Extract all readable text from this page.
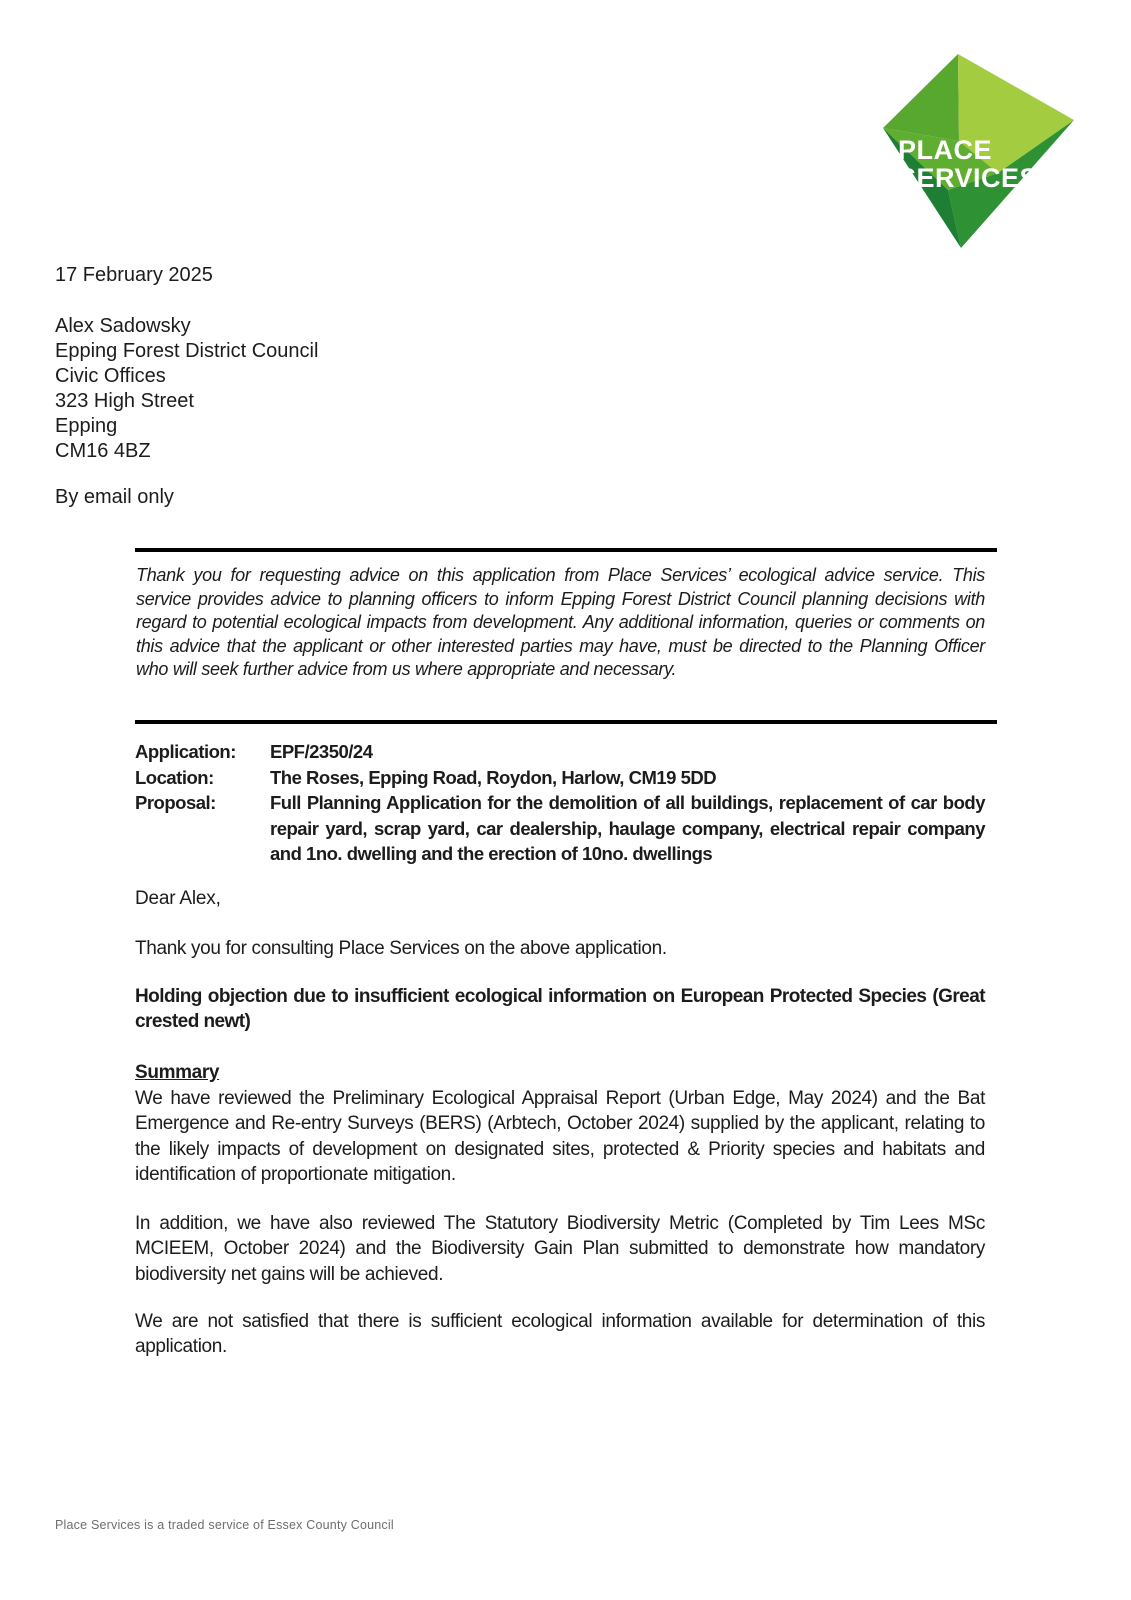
PLACE
SERVICES
17 February 2025
Alex Sadowsky
Epping Forest District Council
Civic Offices
323 High Street
Epping
CM16 4BZ
By email only
Thank you for requesting advice on this application from Place Services’ ecological advice service. This service provides advice to planning officers to inform Epping Forest District Council planning decisions with regard to potential ecological impacts from development. Any additional information, queries or comments on this advice that the applicant or other interested parties may have, must be directed to the Planning Officer who will seek further advice from us where appropriate and necessary.
Application:	EPF/2350/24
Location:	The Roses, Epping Road, Roydon, Harlow, CM19 5DD
Proposal:	Full Planning Application for the demolition of all buildings, replacement of car body repair yard, scrap yard, car dealership, haulage company, electrical repair company and 1no. dwelling and the erection of 10no. dwellings
Dear Alex,
Thank you for consulting Place Services on the above application.
Holding objection due to insufficient ecological information on European Protected Species (Great crested newt)
Summary
We have reviewed the Preliminary Ecological Appraisal Report (Urban Edge, May 2024) and the Bat Emergence and Re-entry Surveys (BERS) (Arbtech, October 2024) supplied by the applicant, relating to the likely impacts of development on designated sites, protected & Priority species and habitats and identification of proportionate mitigation.
In addition, we have also reviewed The Statutory Biodiversity Metric (Completed by Tim Lees MSc MCIEEM, October 2024) and the Biodiversity Gain Plan submitted to demonstrate how mandatory biodiversity net gains will be achieved.
We are not satisfied that there is sufficient ecological information available for determination of this application.
Place Services is a traded service of Essex County Council
